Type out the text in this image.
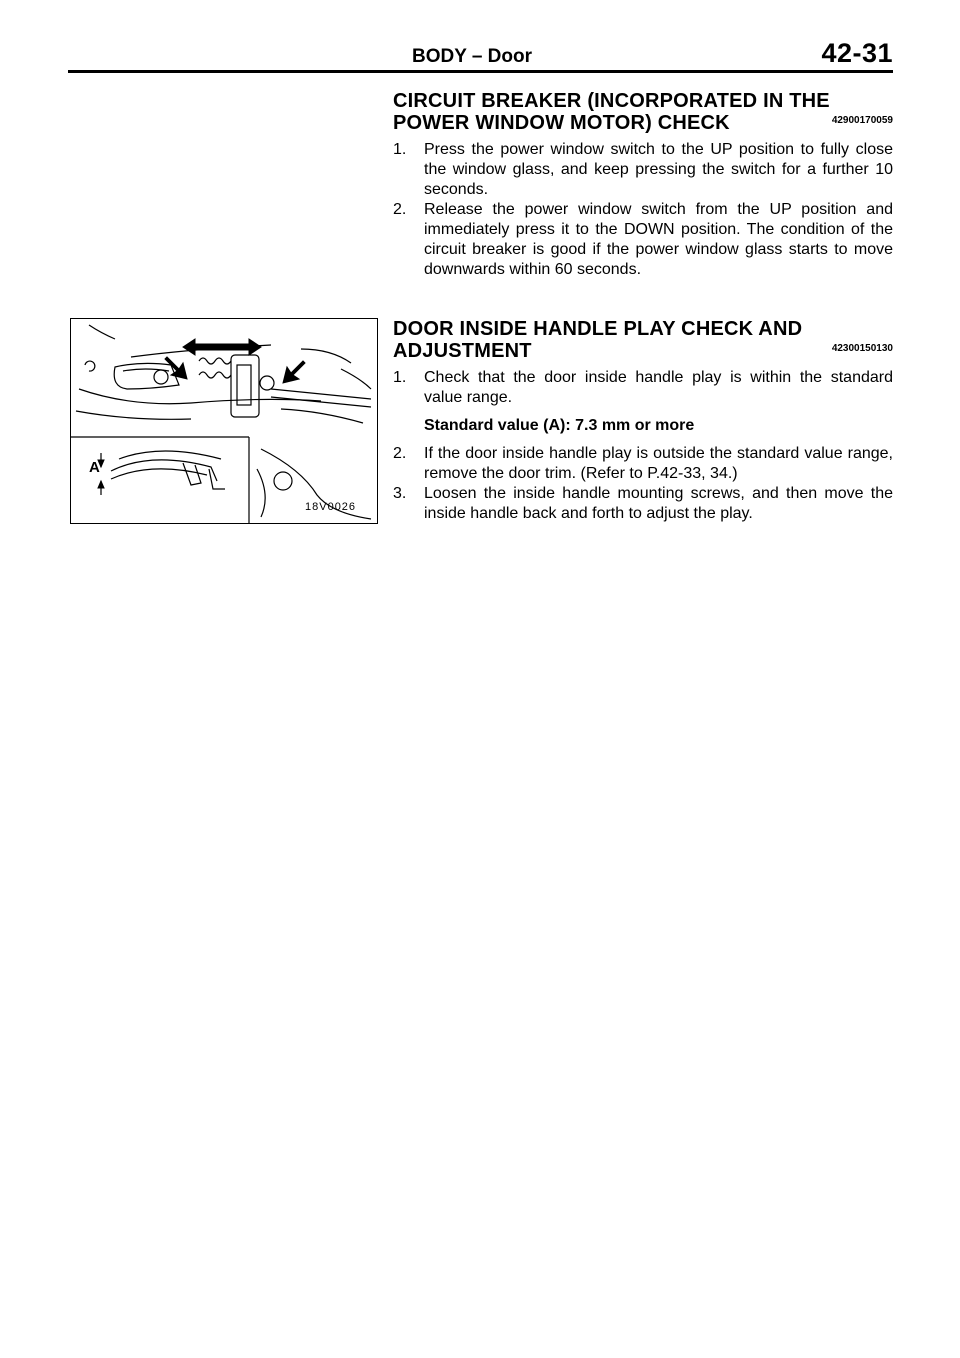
BODY – Door	42-31
CIRCUIT BREAKER (INCORPORATED IN THE
POWER WINDOW MOTOR) CHECK	42900170059
1. Press the power window switch to the UP position to fully close the window glass, and keep pressing the switch for a further 10 seconds.
2. Release the power window switch from the UP position and immediately press it to the DOWN position. The condition of the circuit breaker is good if the power window glass starts to move downwards within 60 seconds.
A
18V0026
DOOR INSIDE HANDLE PLAY CHECK AND
ADJUSTMENT	42300150130
1. Check that the door inside handle play is within the standard value range.
Standard value (A): 7.3 mm or more
2. If the door inside handle play is outside the standard value range, remove the door trim. (Refer to P.42-33, 34.)
3. Loosen the inside handle mounting screws, and then move the inside handle back and forth to adjust the play.
